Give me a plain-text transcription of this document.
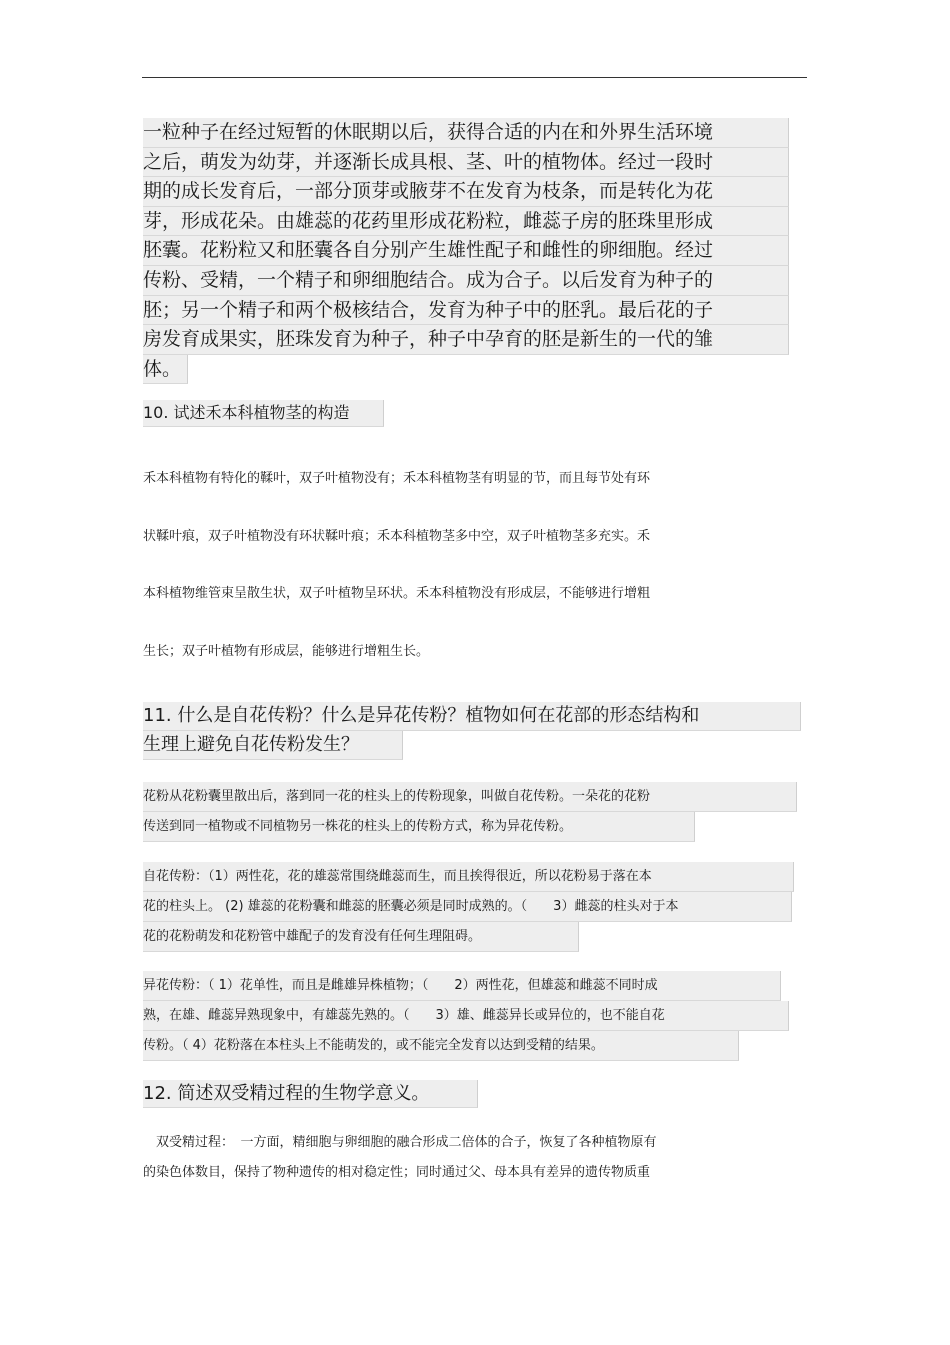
一粒种子在经过短暂的休眠期以后，获得合适的内在和外界生活环境
之后，萌发为幼芽，并逐渐长成具根、茎、叶的植物体。经过一段时
期的成长发育后，一部分顶芽或腋芽不在发育为枝条，而是转化为花
芽，形成花朵。由雄蕊的花药里形成花粉粒，雌蕊子房的胚珠里形成
胚囊。花粉粒又和胚囊各自分别产生雄性配子和雌性的卵细胞。经过
传粉、受精，一个精子和卵细胞结合。成为合子。以后发育为种子的
胚；另一个精子和两个极核结合，发育为种子中的胚乳。最后花的子
房发育成果实，胚珠发育为种子，种子中孕育的胚是新生的一代的雏
体。
10. 试述禾本科植物茎的构造
禾本科植物有特化的鞣叶，双子叶植物没有；禾本科植物茎有明显的节，而且每节处有环
状鞣叶痕，双子叶植物没有环状鞣叶痕；禾本科植物茎多中空，双子叶植物茎多充实。禾
本科植物维管束呈散生状，双子叶植物呈环状。禾本科植物没有形成层，不能够进行增粗
生长；双子叶植物有形成层，能够进行增粗生长。
11. 什么是自花传粉？什么是异花传粉？植物如何在花部的形态结构和
生理上避免自花传粉发生？
花粉从花粉囊里散出后，落到同一花的柱头上的传粉现象，叫做自花传粉。一朵花的花粉
传送到同一植物或不同植物另一株花的柱头上的传粉方式，称为异花传粉。
自花传粉：（1）两性花，花的雄蕊常围绕雌蕊而生，而且挨得很近，所以花粉易于落在本
花的柱头上。 (2) 雄蕊的花粉囊和雌蕊的胚囊必须是同时成熟的。（　　3）雌蕊的柱头对于本
花的花粉萌发和花粉管中雄配子的发育没有任何生理阻碍。
异花传粉：（ 1）花单性，而且是雌雄异株植物；（　　2）两性花，但雄蕊和雌蕊不同时成
熟，在雄、雌蕊异熟现象中，有雄蕊先熟的。（　　3）雄、雌蕊异长或异位的，也不能自花
传粉。（ 4）花粉落在本柱头上不能萌发的，或不能完全发育以达到受精的结果。
12. 简述双受精过程的生物学意义。
　双受精过程：　一方面，精细胞与卵细胞的融合形成二倍体的合子，恢复了各种植物原有
的染色体数目，保持了物种遗传的相对稳定性；同时通过父、母本具有差异的遗传物质重
